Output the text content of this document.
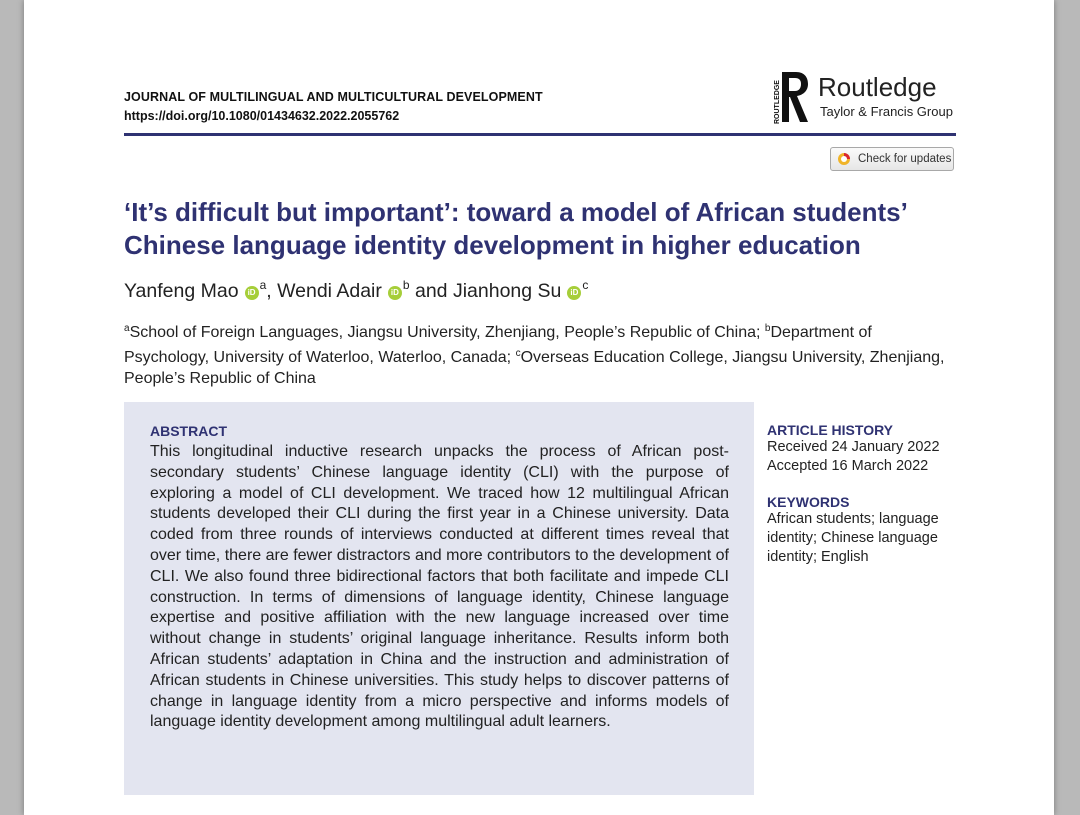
JOURNAL OF MULTILINGUAL AND MULTICULTURAL DEVELOPMENT
https://doi.org/10.1080/01434632.2022.2055762	ROUTLEDGE Routledge
Taylor & Francis Group
Check for updates
‘It’s difficult but important’: toward a model of African students’ Chinese language identity development in higher education
Yanfeng Mao $iD^a$, Wendi Adair $iD^b$ and Jianhong Su $iD^c$
$^a$School of Foreign Languages, Jiangsu University, Zhenjiang, People’s Republic of China; $^b$Department of Psychology, University of Waterloo, Waterloo, Canada; $^c$Overseas Education College, Jiangsu University, Zhenjiang, People’s Republic of China
ABSTRACT
This longitudinal inductive research unpacks the process of African post-secondary students’ Chinese language identity (CLI) with the purpose of exploring a model of CLI development. We traced how 12 multilingual African students developed their CLI during the first year in a Chinese university. Data coded from three rounds of interviews conducted at different times reveal that over time, there are fewer distractors and more contributors to the development of CLI. We also found three bidirectional factors that both facilitate and impede CLI construction. In terms of dimensions of language identity, Chinese language expertise and positive affiliation with the new language increased over time without change in students’ original language inheritance. Results inform both African students’ adaptation in China and the instruction and administration of African students in Chinese universities. This study helps to discover patterns of change in language identity from a micro perspective and informs models of language identity development among multilingual adult learners.
ARTICLE HISTORY
Received 24 January 2022
Accepted 16 March 2022
KEYWORDS
African students; language identity; Chinese language identity; English
